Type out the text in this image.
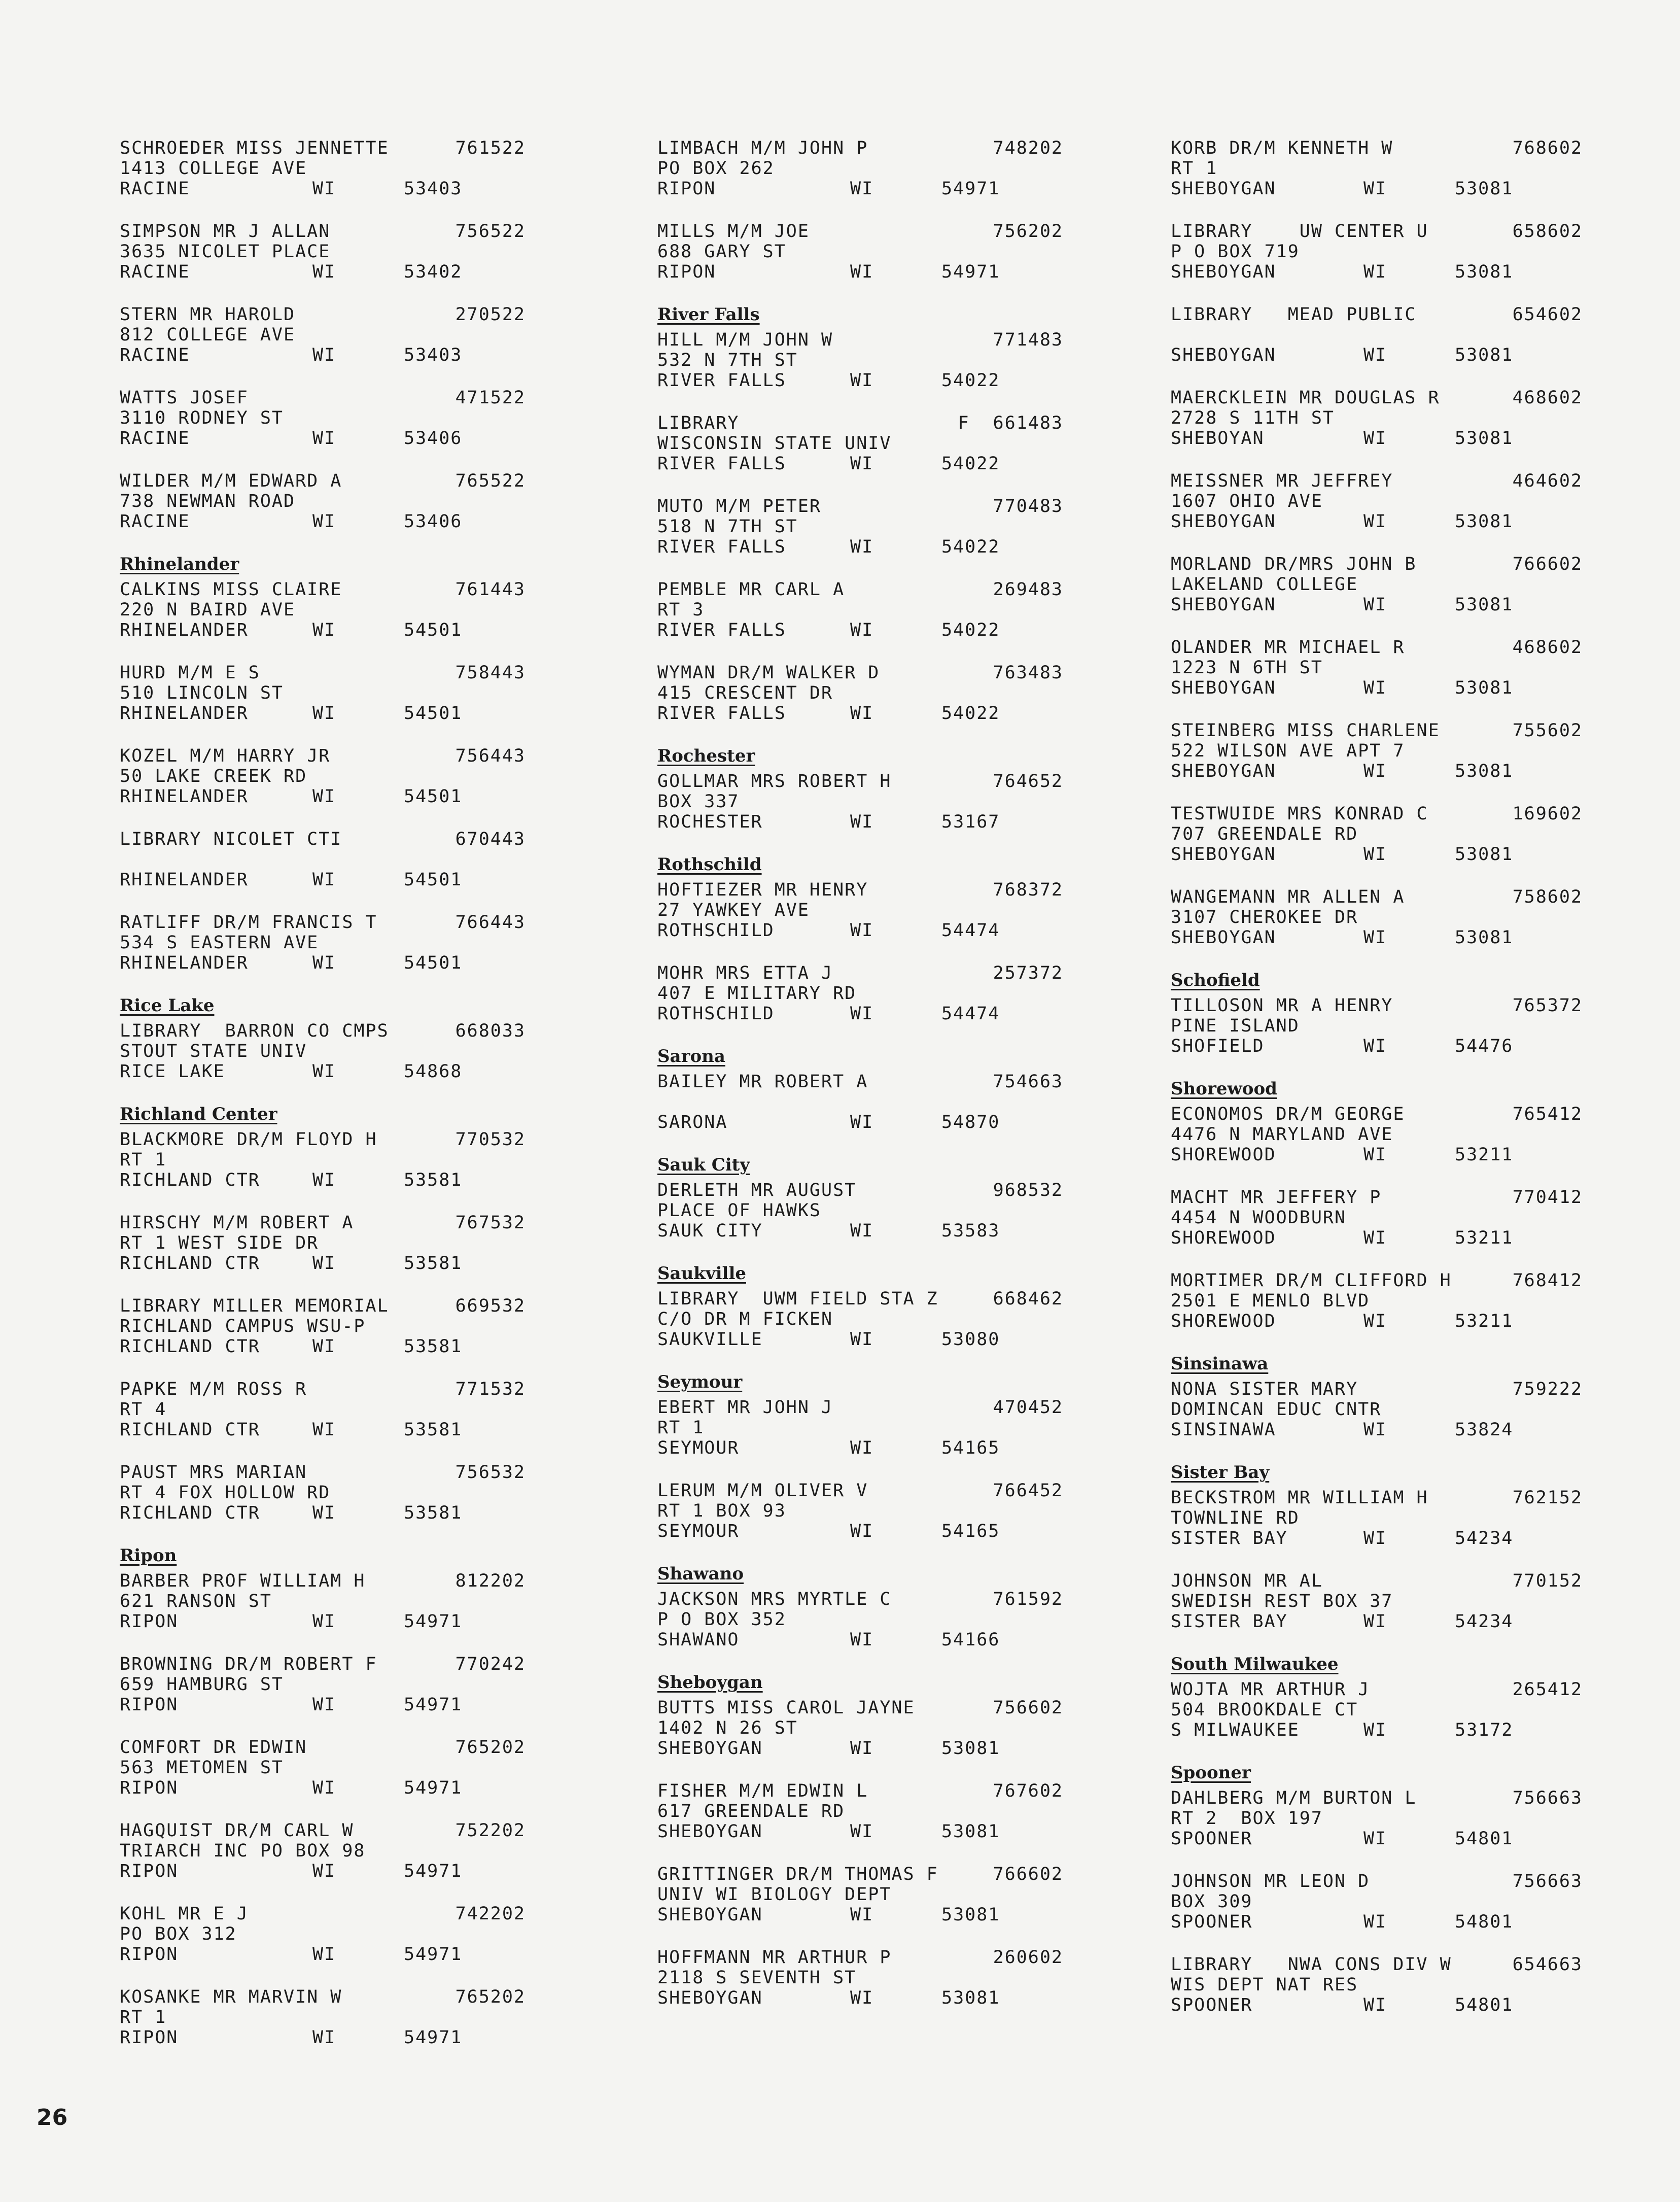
SCHROEDER MISS JENNETTE	761522
1413 COLLEGE AVE
RACINE	WI	53403
SIMPSON MR J ALLAN	756522
3635 NICOLET PLACE
RACINE	WI	53402
STERN MR HAROLD	270522
812 COLLEGE AVE
RACINE	WI	53403
WATTS JOSEF	471522
3110 RODNEY ST
RACINE	WI	53406
WILDER M/M EDWARD A	765522
738 NEWMAN ROAD
RACINE	WI	53406
Rhinelander
CALKINS MISS CLAIRE	761443
220 N BAIRD AVE
RHINELANDER	WI	54501
HURD M/M E S	758443
510 LINCOLN ST
RHINELANDER	WI	54501
KOZEL M/M HARRY JR	756443
50 LAKE CREEK RD
RHINELANDER	WI	54501
LIBRARY NICOLET CTI	670443
RHINELANDER	WI	54501
RATLIFF DR/M FRANCIS T	766443
534 S EASTERN AVE
RHINELANDER	WI	54501
Rice Lake
LIBRARY  BARRON CO CMPS	668033
STOUT STATE UNIV
RICE LAKE	WI	54868
Richland Center
BLACKMORE DR/M FLOYD H	770532
RT 1
RICHLAND CTR	WI	53581
HIRSCHY M/M ROBERT A	767532
RT 1 WEST SIDE DR
RICHLAND CTR	WI	53581
LIBRARY MILLER MEMORIAL	669532
RICHLAND CAMPUS WSU-P
RICHLAND CTR	WI	53581
PAPKE M/M ROSS R	771532
RT 4
RICHLAND CTR	WI	53581
PAUST MRS MARIAN	756532
RT 4 FOX HOLLOW RD
RICHLAND CTR	WI	53581
Ripon
BARBER PROF WILLIAM H	812202
621 RANSON ST
RIPON	WI	54971
BROWNING DR/M ROBERT F	770242
659 HAMBURG ST
RIPON	WI	54971
COMFORT DR EDWIN	765202
563 METOMEN ST
RIPON	WI	54971
HAGQUIST DR/M CARL W	752202
TRIARCH INC PO BOX 98
RIPON	WI	54971
KOHL MR E J	742202
PO BOX 312
RIPON	WI	54971
KOSANKE MR MARVIN W	765202
RT 1
RIPON	WI	54971
LIMBACH M/M JOHN P	748202
PO BOX 262
RIPON	WI	54971
MILLS M/M JOE	756202
688 GARY ST
RIPON	WI	54971
River Falls
HILL M/M JOHN W	771483
532 N 7TH ST
RIVER FALLS	WI	54022
LIBRARY	F  661483
WISCONSIN STATE UNIV
RIVER FALLS	WI	54022
MUTO M/M PETER	770483
518 N 7TH ST
RIVER FALLS	WI	54022
PEMBLE MR CARL A	269483
RT 3
RIVER FALLS	WI	54022
WYMAN DR/M WALKER D	763483
415 CRESCENT DR
RIVER FALLS	WI	54022
Rochester
GOLLMAR MRS ROBERT H	764652
BOX 337
ROCHESTER	WI	53167
Rothschild
HOFTIEZER MR HENRY	768372
27 YAWKEY AVE
ROTHSCHILD	WI	54474
MOHR MRS ETTA J	257372
407 E MILITARY RD
ROTHSCHILD	WI	54474
Sarona
BAILEY MR ROBERT A	754663
SARONA	WI	54870
Sauk City
DERLETH MR AUGUST	968532
PLACE OF HAWKS
SAUK CITY	WI	53583
Saukville
LIBRARY  UWM FIELD STA Z	668462
C/O DR M FICKEN
SAUKVILLE	WI	53080
Seymour
EBERT MR JOHN J	470452
RT 1
SEYMOUR	WI	54165
LERUM M/M OLIVER V	766452
RT 1 BOX 93
SEYMOUR	WI	54165
Shawano
JACKSON MRS MYRTLE C	761592
P O BOX 352
SHAWANO	WI	54166
Sheboygan
BUTTS MISS CAROL JAYNE	756602
1402 N 26 ST
SHEBOYGAN	WI	53081
FISHER M/M EDWIN L	767602
617 GREENDALE RD
SHEBOYGAN	WI	53081
GRITTINGER DR/M THOMAS F	766602
UNIV WI BIOLOGY DEPT
SHEBOYGAN	WI	53081
HOFFMANN MR ARTHUR P	260602
2118 S SEVENTH ST
SHEBOYGAN	WI	53081
KORB DR/M KENNETH W	768602
RT 1
SHEBOYGAN	WI	53081
LIBRARY    UW CENTER U	658602
P O BOX 719
SHEBOYGAN	WI	53081
LIBRARY   MEAD PUBLIC	654602
SHEBOYGAN	WI	53081
MAERCKLEIN MR DOUGLAS R	468602
2728 S 11TH ST
SHEBOYAN	WI	53081
MEISSNER MR JEFFREY	464602
1607 OHIO AVE
SHEBOYGAN	WI	53081
MORLAND DR/MRS JOHN B	766602
LAKELAND COLLEGE
SHEBOYGAN	WI	53081
OLANDER MR MICHAEL R	468602
1223 N 6TH ST
SHEBOYGAN	WI	53081
STEINBERG MISS CHARLENE	755602
522 WILSON AVE APT 7
SHEBOYGAN	WI	53081
TESTWUIDE MRS KONRAD C	169602
707 GREENDALE RD
SHEBOYGAN	WI	53081
WANGEMANN MR ALLEN A	758602
3107 CHEROKEE DR
SHEBOYGAN	WI	53081
Schofield
TILLOSON MR A HENRY	765372
PINE ISLAND
SHOFIELD	WI	54476
Shorewood
ECONOMOS DR/M GEORGE	765412
4476 N MARYLAND AVE
SHOREWOOD	WI	53211
MACHT MR JEFFERY P	770412
4454 N WOODBURN
SHOREWOOD	WI	53211
MORTIMER DR/M CLIFFORD H	768412
2501 E MENLO BLVD
SHOREWOOD	WI	53211
Sinsinawa
NONA SISTER MARY	759222
DOMINCAN EDUC CNTR
SINSINAWA	WI	53824
Sister Bay
BECKSTROM MR WILLIAM H	762152
TOWNLINE RD
SISTER BAY	WI	54234
JOHNSON MR AL	770152
SWEDISH REST BOX 37
SISTER BAY	WI	54234
South Milwaukee
WOJTA MR ARTHUR J	265412
504 BROOKDALE CT
S MILWAUKEE	WI	53172
Spooner
DAHLBERG M/M BURTON L	756663
RT 2  BOX 197
SPOONER	WI	54801
JOHNSON MR LEON D	756663
BOX 309
SPOONER	WI	54801
LIBRARY   NWA CONS DIV W	654663
WIS DEPT NAT RES
SPOONER	WI	54801
26
